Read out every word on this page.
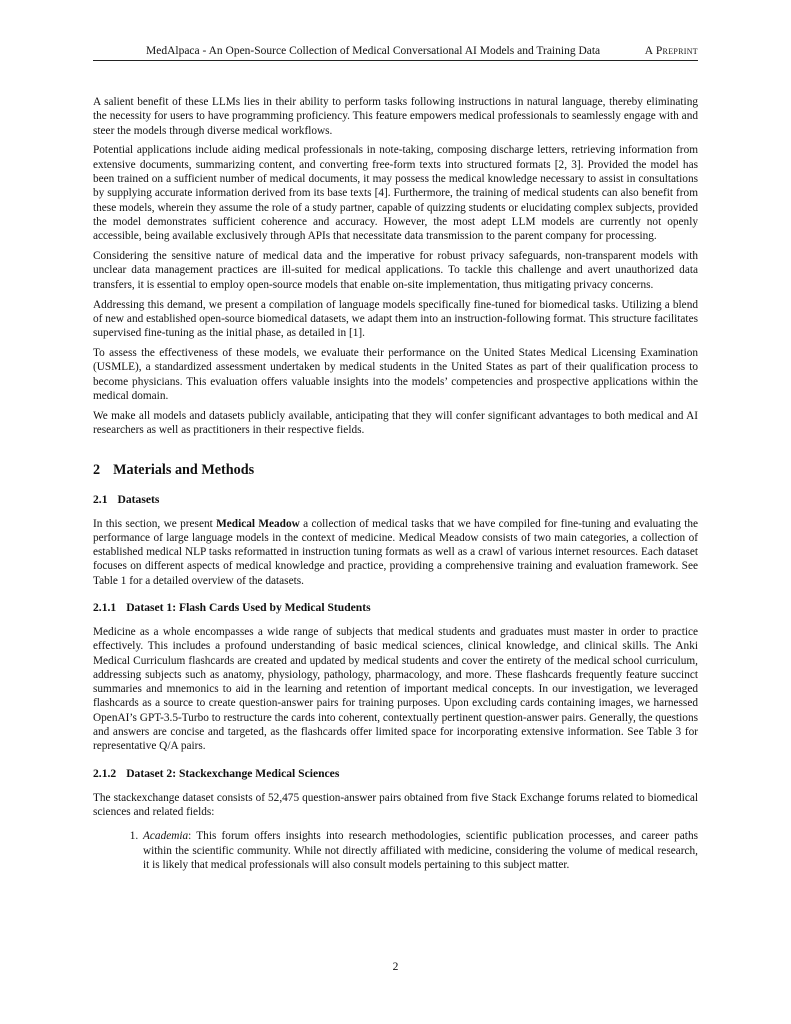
MedAlpaca - An Open-Source Collection of Medical Conversational AI Models and Training Data	A Preprint

A salient benefit of these LLMs lies in their ability to perform tasks following instructions in natural language, thereby eliminating the necessity for users to have programming proficiency. This feature empowers medical professionals to seamlessly engage with and steer the models through diverse medical workflows.

Potential applications include aiding medical professionals in note-taking, composing discharge letters, retrieving information from extensive documents, summarizing content, and converting free-form texts into structured formats [2, 3]. Provided the model has been trained on a sufficient number of medical documents, it may possess the medical knowledge necessary to assist in consultations by supplying accurate information derived from its base texts [4]. Furthermore, the training of medical students can also benefit from these models, wherein they assume the role of a study partner, capable of quizzing students or elucidating complex subjects, provided the model demonstrates sufficient coherence and accuracy. However, the most adept LLM models are currently not openly accessible, being available exclusively through APIs that necessitate data transmission to the parent company for processing.

Considering the sensitive nature of medical data and the imperative for robust privacy safeguards, non-transparent models with unclear data management practices are ill-suited for medical applications. To tackle this challenge and avert unauthorized data transfers, it is essential to employ open-source models that enable on-site implementation, thus mitigating privacy concerns.

Addressing this demand, we present a compilation of language models specifically fine-tuned for biomedical tasks. Utilizing a blend of new and established open-source biomedical datasets, we adapt them into an instruction-following format. This structure facilitates supervised fine-tuning as the initial phase, as detailed in [1].

To assess the effectiveness of these models, we evaluate their performance on the United States Medical Licensing Examination (USMLE), a standardized assessment undertaken by medical students in the United States as part of their qualification process to become physicians. This evaluation offers valuable insights into the models’ competencies and prospective applications within the medical domain.

We make all models and datasets publicly available, anticipating that they will confer significant advantages to both medical and AI researchers as well as practitioners in their respective fields.

2 Materials and Methods
2.1 Datasets

In this section, we present Medical Meadow a collection of medical tasks that we have compiled for fine-tuning and evaluating the performance of large language models in the context of medicine. Medical Meadow consists of two main categories, a collection of established medical NLP tasks reformatted in instruction tuning formats as well as a crawl of various internet resources. Each dataset focuses on different aspects of medical knowledge and practice, providing a comprehensive training and evaluation framework. See Table 1 for a detailed overview of the datasets.

2.1.1 Dataset 1: Flash Cards Used by Medical Students

Medicine as a whole encompasses a wide range of subjects that medical students and graduates must master in order to practice effectively. This includes a profound understanding of basic medical sciences, clinical knowledge, and clinical skills. The Anki Medical Curriculum flashcards are created and updated by medical students and cover the entirety of the medical school curriculum, addressing subjects such as anatomy, physiology, pathology, pharmacology, and more. These flashcards frequently feature succinct summaries and mnemonics to aid in the learning and retention of important medical concepts. In our investigation, we leveraged flashcards as a source to create question-answer pairs for training purposes. Upon excluding cards containing images, we harnessed OpenAI’s GPT-3.5-Turbo to restructure the cards into coherent, contextually pertinent question-answer pairs. Generally, the questions and answers are concise and targeted, as the flashcards offer limited space for incorporating extensive information. See Table 3 for representative Q/A pairs.

2.1.2 Dataset 2: Stackexchange Medical Sciences

The stackexchange dataset consists of 52,475 question-answer pairs obtained from five Stack Exchange forums related to biomedical sciences and related fields:

1. Academia: This forum offers insights into research methodologies, scientific publication processes, and career paths within the scientific community. While not directly affiliated with medicine, considering the volume of medical research, it is likely that medical professionals will also consult models pertaining to this subject matter.
2
